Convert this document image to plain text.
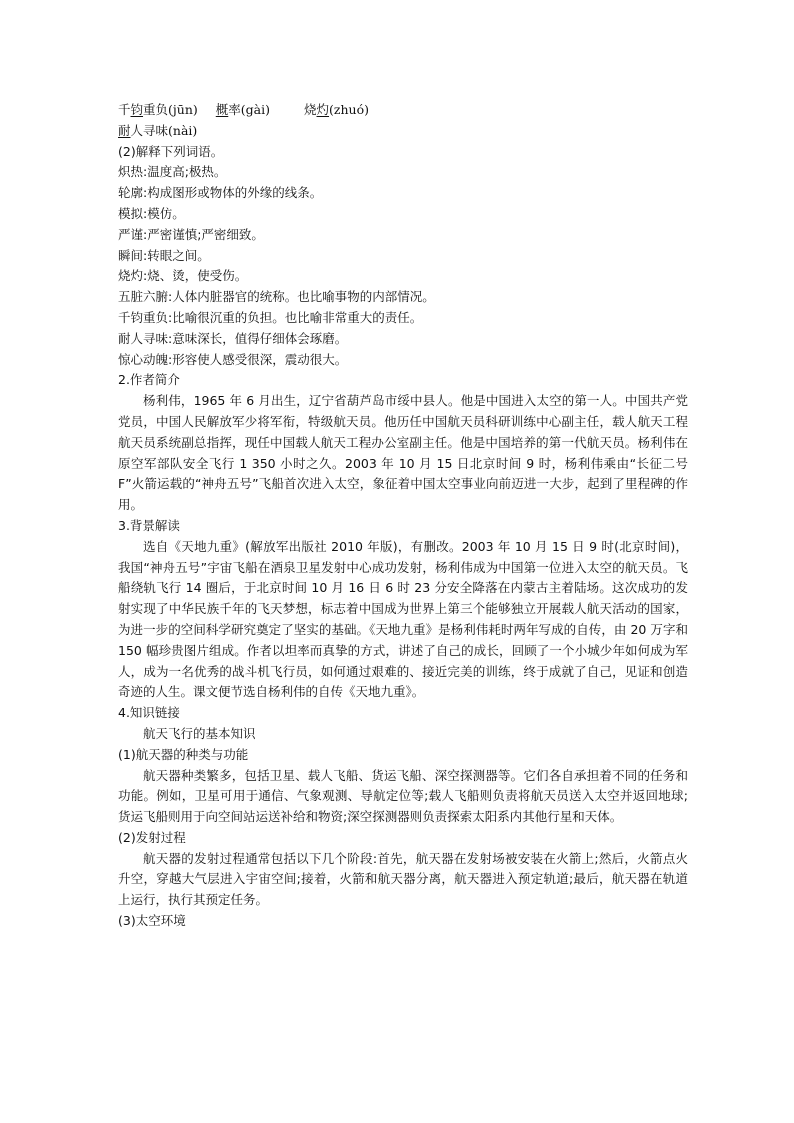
千钧重负(jūn) 概率(gài)	烧灼(zhuó)
耐人寻味(nài)
(2)解释下列词语。
炽热:温度高;极热。
轮廓:构成图形或物体的外缘的线条。
模拟:模仿。
严谨:严密谨慎;严密细致。
瞬间:转眼之间。
烧灼:烧、烫，使受伤。
五脏六腑:人体内脏器官的统称。也比喻事物的内部情况。
千钧重负:比喻很沉重的负担。也比喻非常重大的责任。
耐人寻味:意味深长，值得仔细体会琢磨。
惊心动魄:形容使人感受很深，震动很大。
2.作者简介
杨利伟，1965 年 6 月出生，辽宁省葫芦岛市绥中县人。他是中国进入太空的第一人。中国共产党党员，中国人民解放军少将军衔，特级航天员。他历任中国航天员科研训练中心副主任，载人航天工程航天员系统副总指挥，现任中国载人航天工程办公室副主任。他是中国培养的第一代航天员。杨利伟在原空军部队安全飞行 1 350 小时之久。2003 年 10 月 15 日北京时间 9 时，杨利伟乘由“长征二号 F”火箭运载的“神舟五号”飞船首次进入太空，象征着中国太空事业向前迈进一大步，起到了里程碑的作用。
3.背景解读
选自《天地九重》(解放军出版社 2010 年版)，有删改。2003 年 10 月 15 日 9 时(北京时间)，我国“神舟五号”宇宙飞船在酒泉卫星发射中心成功发射，杨利伟成为中国第一位进入太空的航天员。飞船绕轨飞行 14 圈后，于北京时间 10 月 16 日 6 时 23 分安全降落在内蒙古主着陆场。这次成功的发射实现了中华民族千年的飞天梦想，标志着中国成为世界上第三个能够独立开展载人航天活动的国家，为进一步的空间科学研究奠定了坚实的基础。《天地九重》是杨利伟耗时两年写成的自传，由 20 万字和 150 幅珍贵图片组成。作者以坦率而真挚的方式，讲述了自己的成长，回顾了一个小城少年如何成为军人，成为一名优秀的战斗机飞行员，如何通过艰难的、接近完美的训练，终于成就了自己，见证和创造奇迹的人生。课文便节选自杨利伟的自传《天地九重》。
4.知识链接
航天飞行的基本知识
(1)航天器的种类与功能
航天器种类繁多，包括卫星、载人飞船、货运飞船、深空探测器等。它们各自承担着不同的任务和功能。例如，卫星可用于通信、气象观测、导航定位等;载人飞船则负责将航天员送入太空并返回地球;货运飞船则用于向空间站运送补给和物资;深空探测器则负责探索太阳系内其他行星和天体。
(2)发射过程
航天器的发射过程通常包括以下几个阶段:首先，航天器在发射场被安装在火箭上;然后，火箭点火升空，穿越大气层进入宇宙空间;接着，火箭和航天器分离，航天器进入预定轨道;最后，航天器在轨道上运行，执行其预定任务。
(3)太空环境
